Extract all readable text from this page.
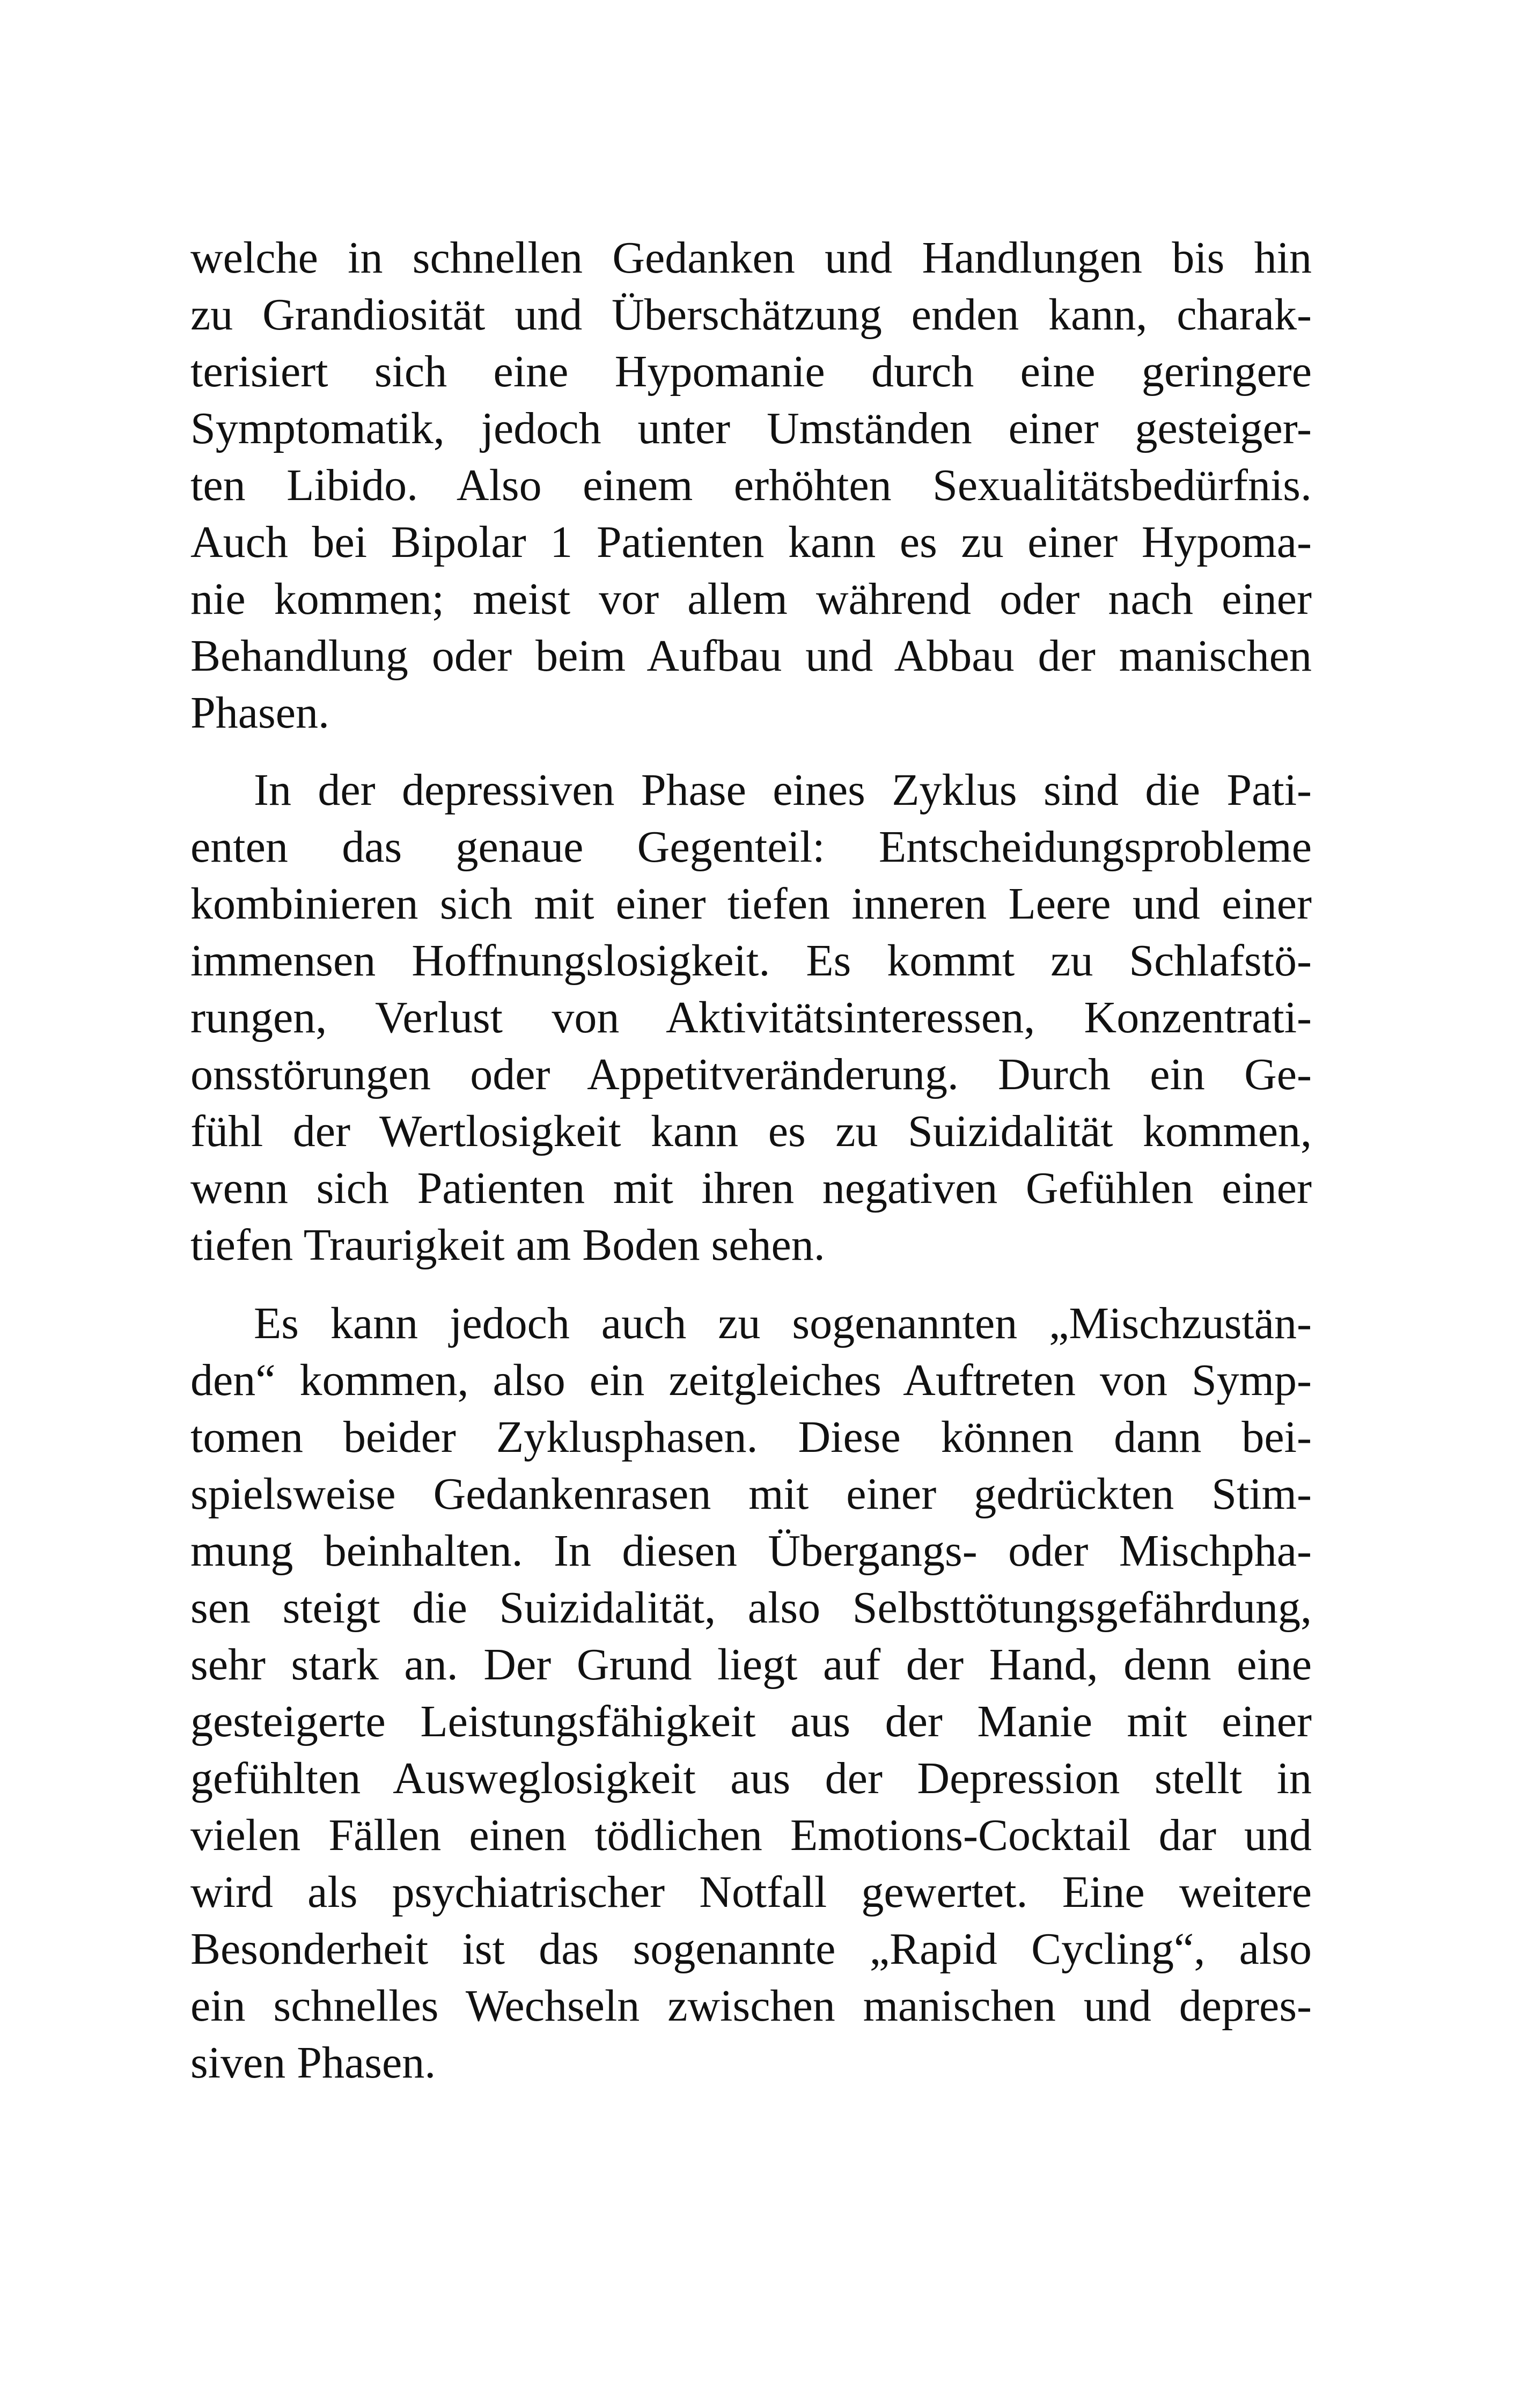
welche in schnellen Gedanken und Handlungen bis hin
zu Grandiosität und Überschätzung enden kann, charak-
terisiert sich eine Hypomanie durch eine geringere
Symptomatik, jedoch unter Umständen einer gesteiger-
ten Libido. Also einem erhöhten Sexualitätsbedürfnis.
Auch bei Bipolar 1 Patienten kann es zu einer Hypoma-
nie kommen; meist vor allem während oder nach einer
Behandlung oder beim Aufbau und Abbau der manischen
Phasen.
In der depressiven Phase eines Zyklus sind die Pati-
enten das genaue Gegenteil: Entscheidungsprobleme
kombinieren sich mit einer tiefen inneren Leere und einer
immensen Hoffnungslosigkeit. Es kommt zu Schlafstö-
rungen, Verlust von Aktivitätsinteressen, Konzentrati-
onsstörungen oder Appetitveränderung. Durch ein Ge-
fühl der Wertlosigkeit kann es zu Suizidalität kommen,
wenn sich Patienten mit ihren negativen Gefühlen einer
tiefen Traurigkeit am Boden sehen.
Es kann jedoch auch zu sogenannten „Mischzustän-
den“ kommen, also ein zeitgleiches Auftreten von Symp-
tomen beider Zyklusphasen. Diese können dann bei-
spielsweise Gedankenrasen mit einer gedrückten Stim-
mung beinhalten. In diesen Übergangs- oder Mischpha-
sen steigt die Suizidalität, also Selbsttötungsgefährdung,
sehr stark an. Der Grund liegt auf der Hand, denn eine
gesteigerte Leistungsfähigkeit aus der Manie mit einer
gefühlten Ausweglosigkeit aus der Depression stellt in
vielen Fällen einen tödlichen Emotions-Cocktail dar und
wird als psychiatrischer Notfall gewertet. Eine weitere
Besonderheit ist das sogenannte „Rapid Cycling“, also
ein schnelles Wechseln zwischen manischen und depres-
siven Phasen.
